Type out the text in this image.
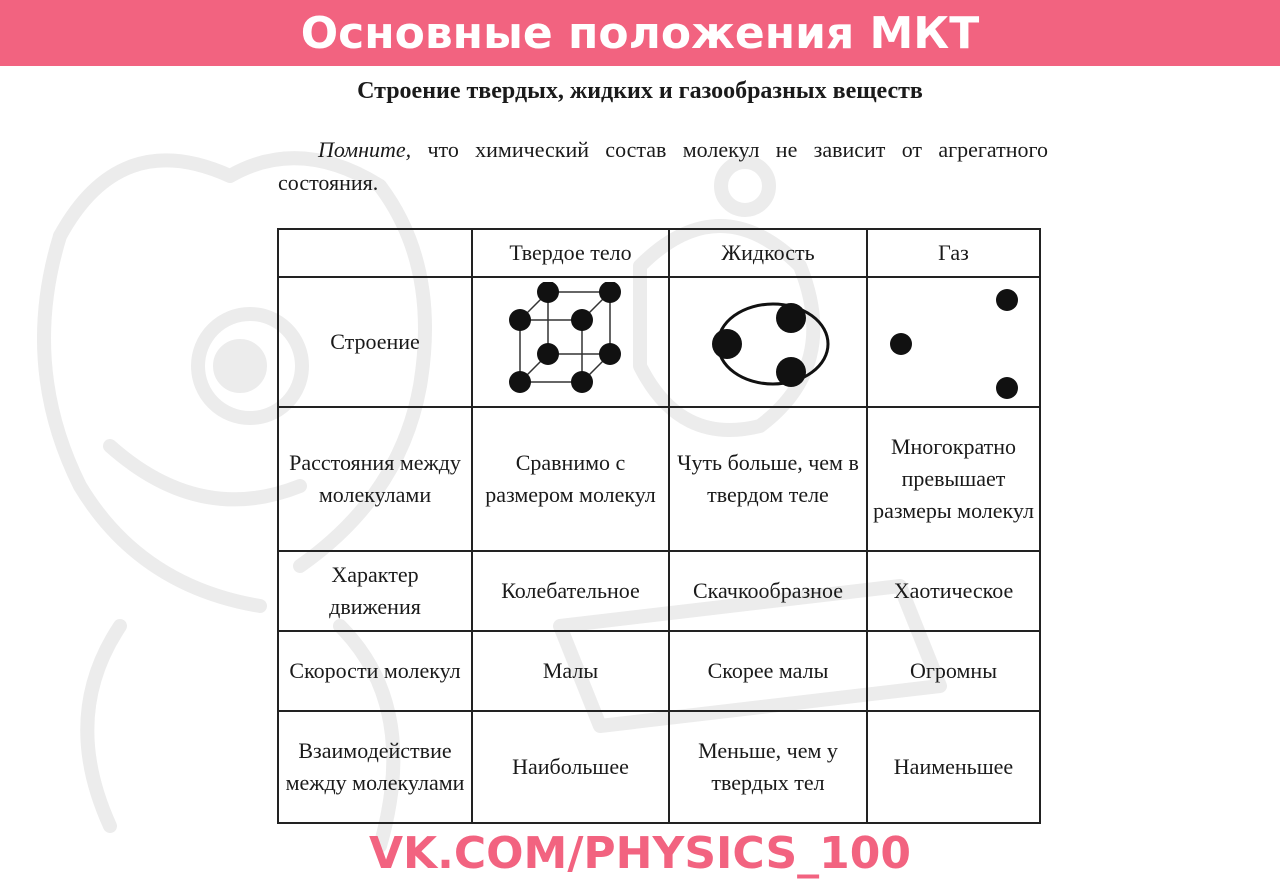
Основные положения МКТ
Строение твердых, жидких и газообразных веществ
Помните, что химический состав молекул не зависит от агрегатного состояния.
	Твердое тело	Жидкость	Газ
Строение	

Расстояния между молекулами	Сравнимо с размером молекул	Чуть больше, чем в твердом теле	Многократно превышает размеры молекул
Характер движения	Колебательное	Скачкообразное	Хаотическое
Скорости молекул	Малы	Скорее малы	Огромны
Взаимодействие между молекулами	Наибольшее	Меньше, чем у твердых тел	Наименьшее
VK.COM/PHYSICS_100
